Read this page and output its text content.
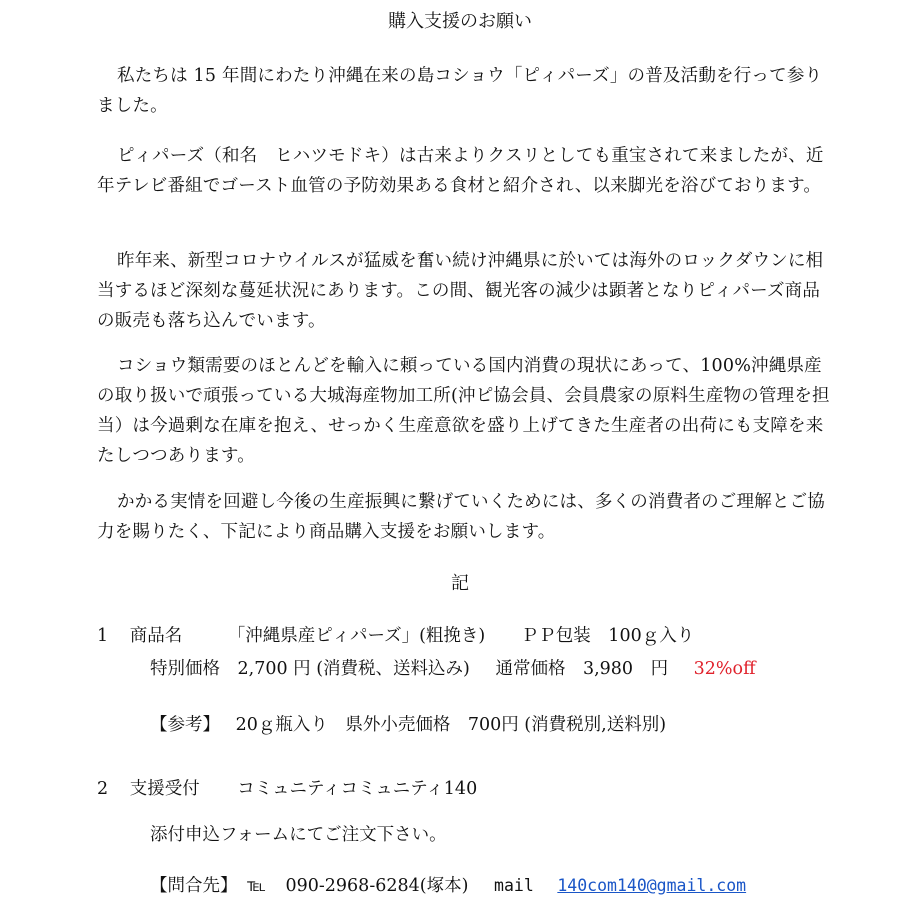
購入支援のお願い

私たちは 15 年間にわたり沖縄在来の島コショウ「ピィパーズ」の普及活動を行って参りました。

ピィパーズ（和名　ヒハツモドキ）は古来よりクスリとしても重宝されて来ましたが、近年テレビ番組でゴースト血管の予防効果ある食材と紹介され、以来脚光を浴びております。

昨年来、新型コロナウイルスが猛威を奮い続け沖縄県に於いては海外のロックダウンに相当するほど深刻な蔓延状況にあります。この間、観光客の減少は顕著となりピィパーズ商品の販売も落ち込んでいます。

コショウ類需要のほとんどを輸入に頼っている国内消費の現状にあって、100%沖縄県産の取り扱いで頑張っている大城海産物加工所(沖ピ協会員、会員農家の原料生産物の管理を担当）は今過剰な在庫を抱え、せっかく生産意欲を盛り上げてきた生産者の出荷にも支障を来たしつつあります。

かかる実情を回避し今後の生産振興に繋げていくためには、多くの消費者のご理解とご協力を賜りたく、下記により商品購入支援をお願いします。

記
1 商品名	「沖縄県産ピィパーズ」(粗挽き) ＰＰ包装　100ｇ入り
特別価格　2,700 円 (消費税、送料込み) 通常価格　3,980　円 32%off
【参考】 20ｇ瓶入り　県外小売価格　700円 (消費税別,送料別)
2 支援受付 コミュニティコミュニティ140
添付申込フォームにてご注文下さい。
【問合先】 ℡ 090-2968-6284(塚本) mail 140com140@gmail.com
